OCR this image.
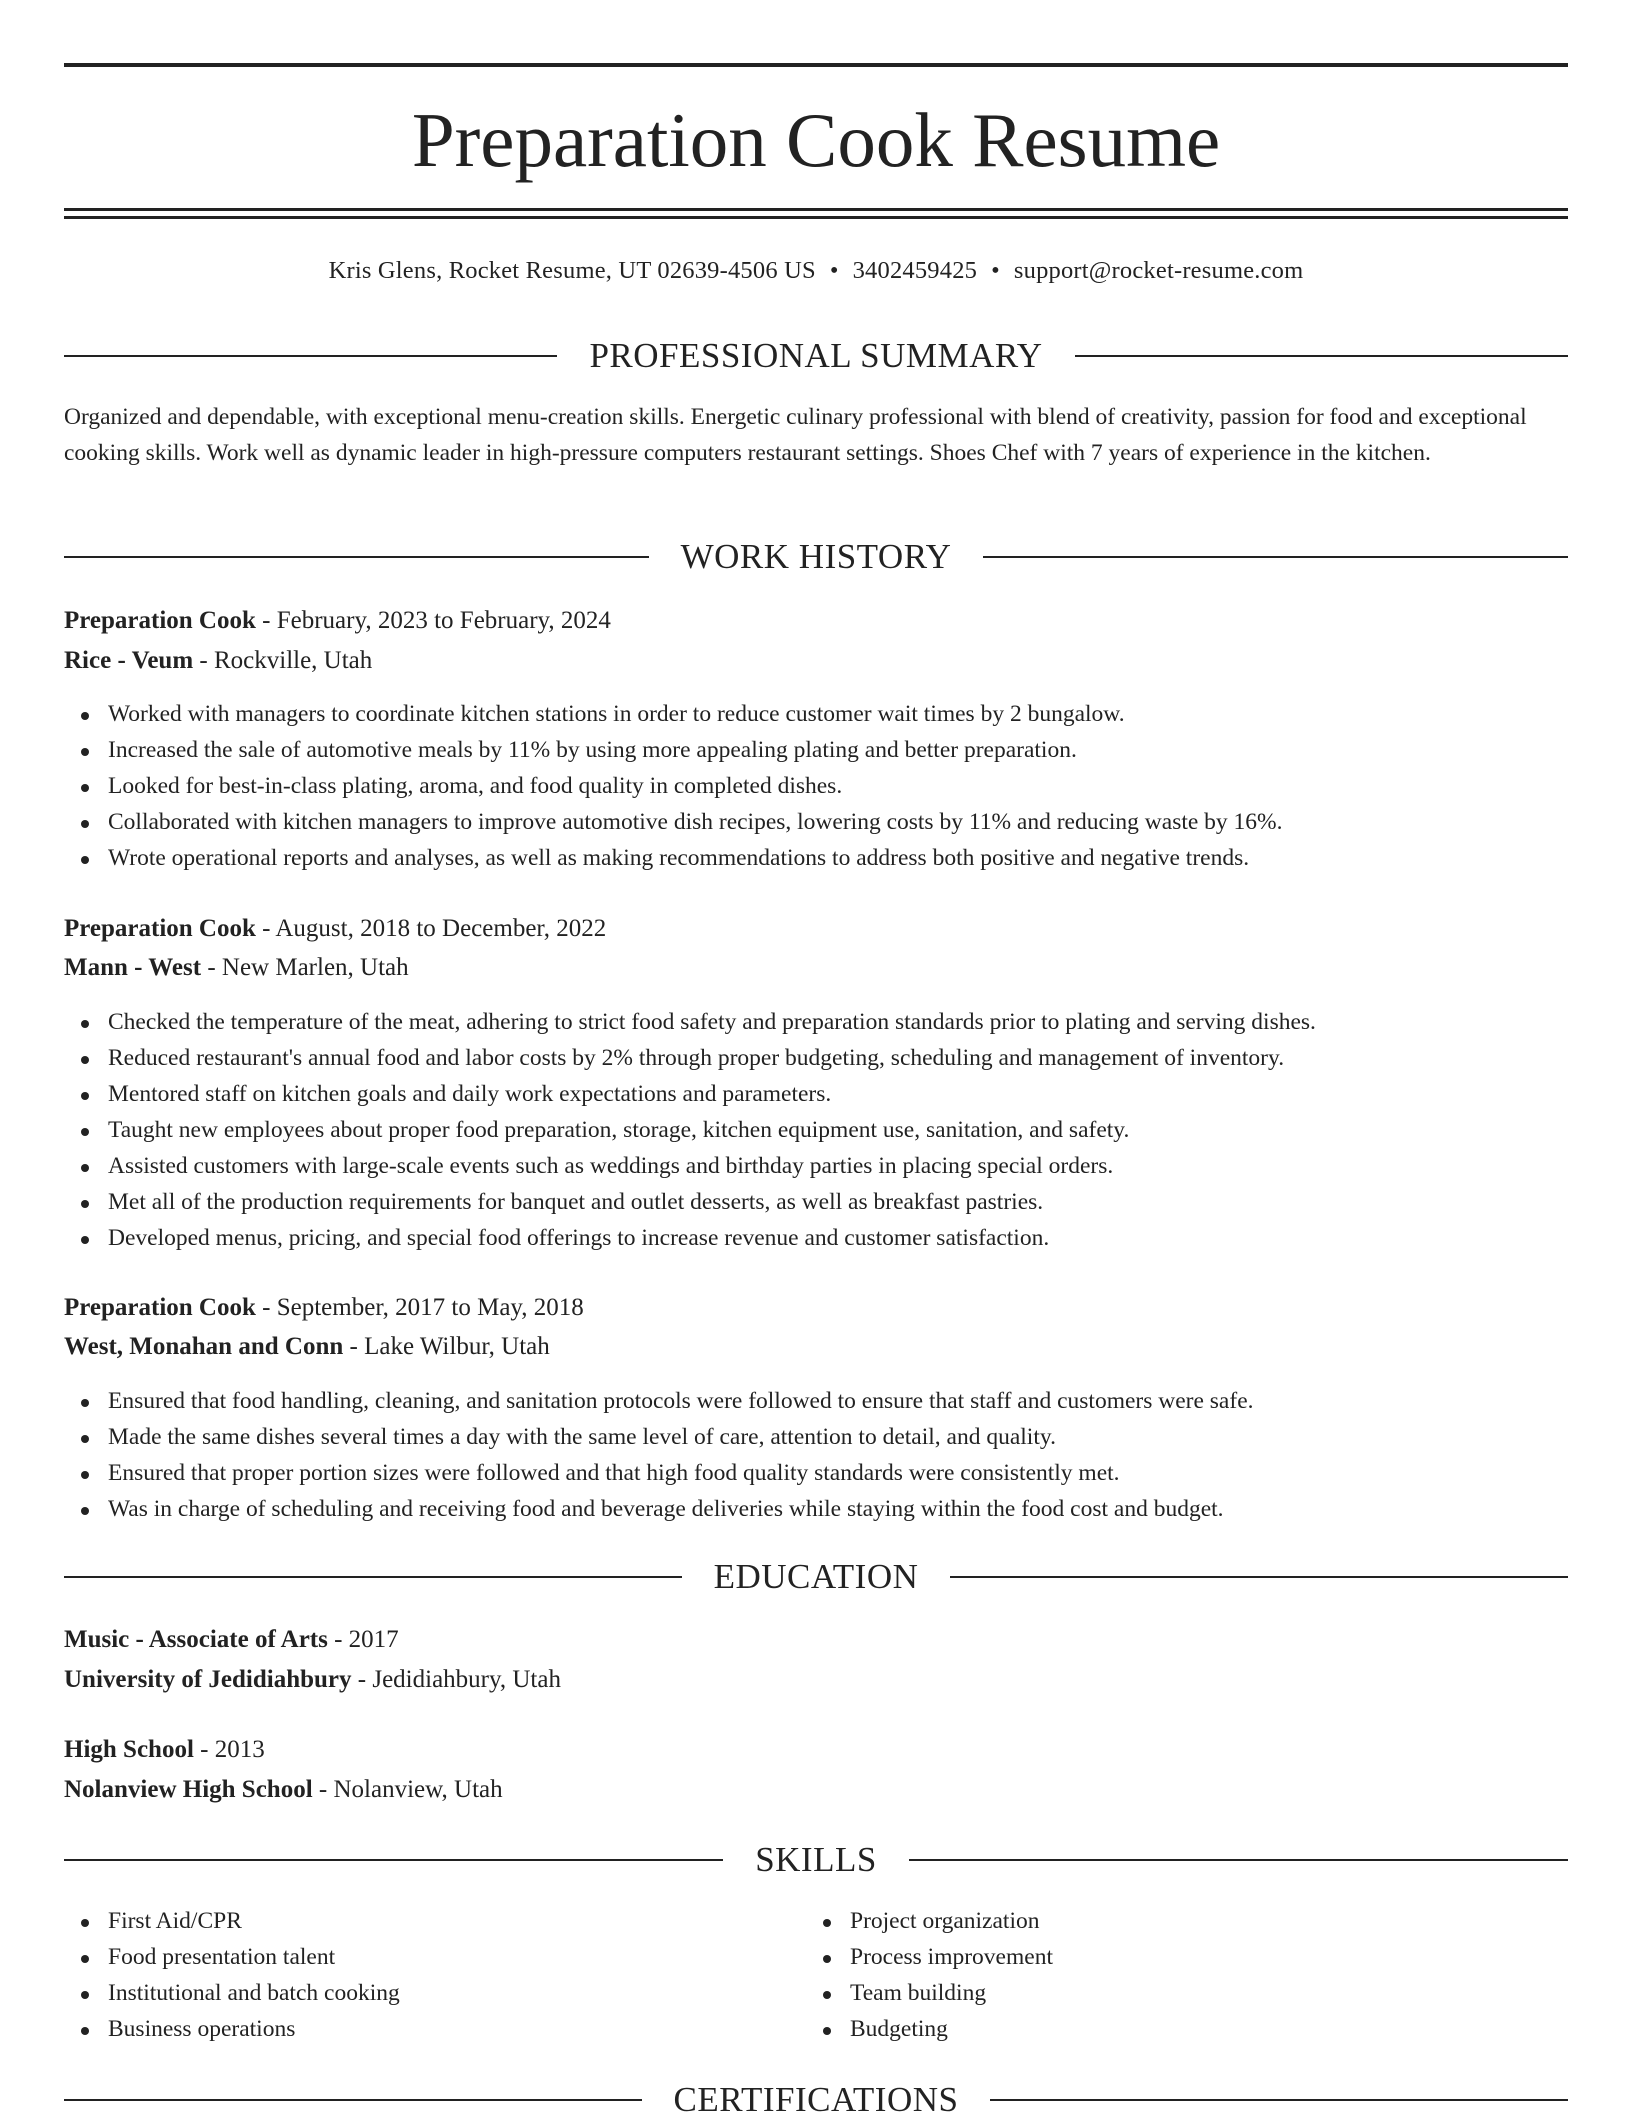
Preparation Cook Resume
Kris Glens, Rocket Resume, UT 02639-4506 US • 3402459425 • support@rocket-resume.com
PROFESSIONAL SUMMARY

Organized and dependable, with exceptional menu-creation skills. Energetic culinary professional with blend of creativity, passion for food and exceptional cooking skills. Work well as dynamic leader in high-pressure computers restaurant settings. Shoes Chef with 7 years of experience in the kitchen.

WORK HISTORY
Preparation Cook - February, 2023 to February, 2024
Rice - Veum - Rockville, Utah
Worked with managers to coordinate kitchen stations in order to reduce customer wait times by 2 bungalow.
Increased the sale of automotive meals by 11% by using more appealing plating and better preparation.
Looked for best-in-class plating, aroma, and food quality in completed dishes.
Collaborated with kitchen managers to improve automotive dish recipes, lowering costs by 11% and reducing waste by 16%.
Wrote operational reports and analyses, as well as making recommendations to address both positive and negative trends.
Preparation Cook - August, 2018 to December, 2022
Mann - West - New Marlen, Utah
Checked the temperature of the meat, adhering to strict food safety and preparation standards prior to plating and serving dishes.
Reduced restaurant's annual food and labor costs by 2% through proper budgeting, scheduling and management of inventory.
Mentored staff on kitchen goals and daily work expectations and parameters.
Taught new employees about proper food preparation, storage, kitchen equipment use, sanitation, and safety.
Assisted customers with large-scale events such as weddings and birthday parties in placing special orders.
Met all of the production requirements for banquet and outlet desserts, as well as breakfast pastries.
Developed menus, pricing, and special food offerings to increase revenue and customer satisfaction.
Preparation Cook - September, 2017 to May, 2018
West, Monahan and Conn - Lake Wilbur, Utah
Ensured that food handling, cleaning, and sanitation protocols were followed to ensure that staff and customers were safe.
Made the same dishes several times a day with the same level of care, attention to detail, and quality.
Ensured that proper portion sizes were followed and that high food quality standards were consistently met.
Was in charge of scheduling and receiving food and beverage deliveries while staying within the food cost and budget.
EDUCATION
Music - Associate of Arts - 2017
University of Jedidiahbury - Jedidiahbury, Utah
High School - 2013
Nolanview High School - Nolanview, Utah
SKILLS
First Aid/CPR
Food presentation talent
Institutional and batch cooking
Business operations
Project organization
Process improvement
Team building
Budgeting
CERTIFICATIONS
